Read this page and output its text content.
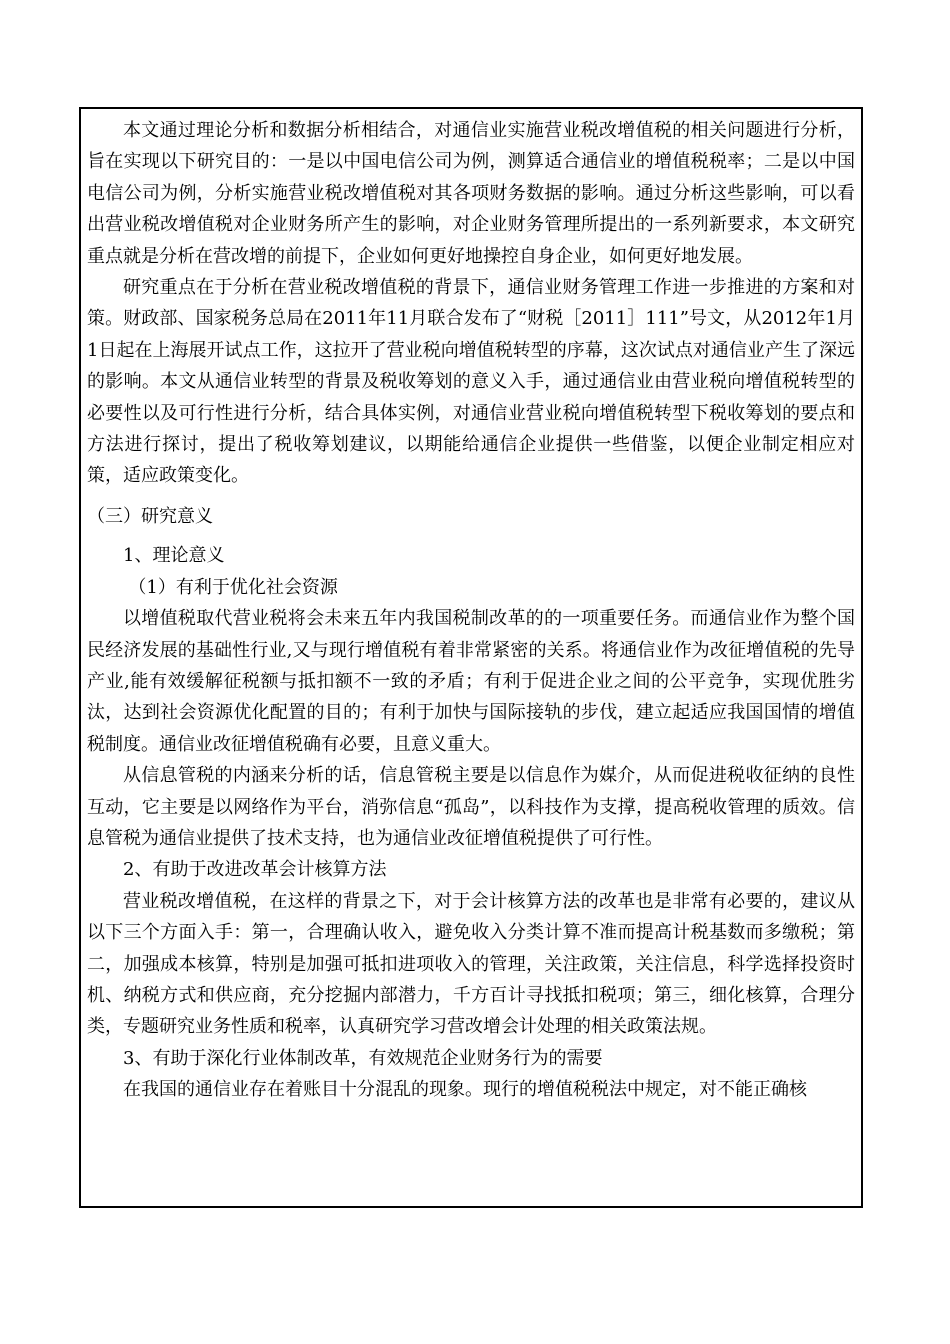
本文通过理论分析和数据分析相结合，对通信业实施营业税改增值税的相关问题进行分析，旨在实现以下研究目的：一是以中国电信公司为例，测算适合通信业的增值税税率；二是以中国电信公司为例，分析实施营业税改增值税对其各项财务数据的影响。通过分析这些影响，可以看出营业税改增值税对企业财务所产生的影响，对企业财务管理所提出的一系列新要求，本文研究重点就是分析在营改增的前提下，企业如何更好地操控自身企业，如何更好地发展。

研究重点在于分析在营业税改增值税的背景下，通信业财务管理工作进一步推进的方案和对策。财政部、国家税务总局在2011年11月联合发布了“财税［2011］111”号文，从2012年1月1日起在上海展开试点工作，这拉开了营业税向增值税转型的序幕，这次试点对通信业产生了深远的影响。本文从通信业转型的背景及税收筹划的意义入手，通过通信业由营业税向增值税转型的必要性以及可行性进行分析，结合具体实例，对通信业营业税向增值税转型下税收筹划的要点和方法进行探讨，提出了税收筹划建议，以期能给通信企业提供一些借鉴，以便企业制定相应对策，适应政策变化。

（三）研究意义

1、理论意义

（1）有利于优化社会资源

以增值税取代营业税将会未来五年内我国税制改革的的一项重要任务。而通信业作为整个国民经济发展的基础性行业,又与现行增值税有着非常紧密的关系。将通信业作为改征增值税的先导产业,能有效缓解征税额与抵扣额不一致的矛盾；有利于促进企业之间的公平竞争，实现优胜劣汰，达到社会资源优化配置的目的；有利于加快与国际接轨的步伐，建立起适应我国国情的增值税制度。通信业改征增值税确有必要，且意义重大。

从信息管税的内涵来分析的话，信息管税主要是以信息作为媒介，从而促进税收征纳的良性互动，它主要是以网络作为平台，消弥信息“孤岛”，以科技作为支撑，提高税收管理的质效。信息管税为通信业提供了技术支持，也为通信业改征增值税提供了可行性。

2、有助于改进改革会计核算方法

营业税改增值税，在这样的背景之下，对于会计核算方法的改革也是非常有必要的，建议从以下三个方面入手：第一，合理确认收入，避免收入分类计算不准而提高计税基数而多缴税；第二，加强成本核算，特别是加强可抵扣进项收入的管理，关注政策，关注信息，科学选择投资时机、纳税方式和供应商，充分挖掘内部潜力，千方百计寻找抵扣税项；第三，细化核算，合理分类，专题研究业务性质和税率，认真研究学习营改增会计处理的相关政策法规。

3、有助于深化行业体制改革，有效规范企业财务行为的需要

在我国的通信业存在着账目十分混乱的现象。现行的增值税税法中规定，对不能正确核
